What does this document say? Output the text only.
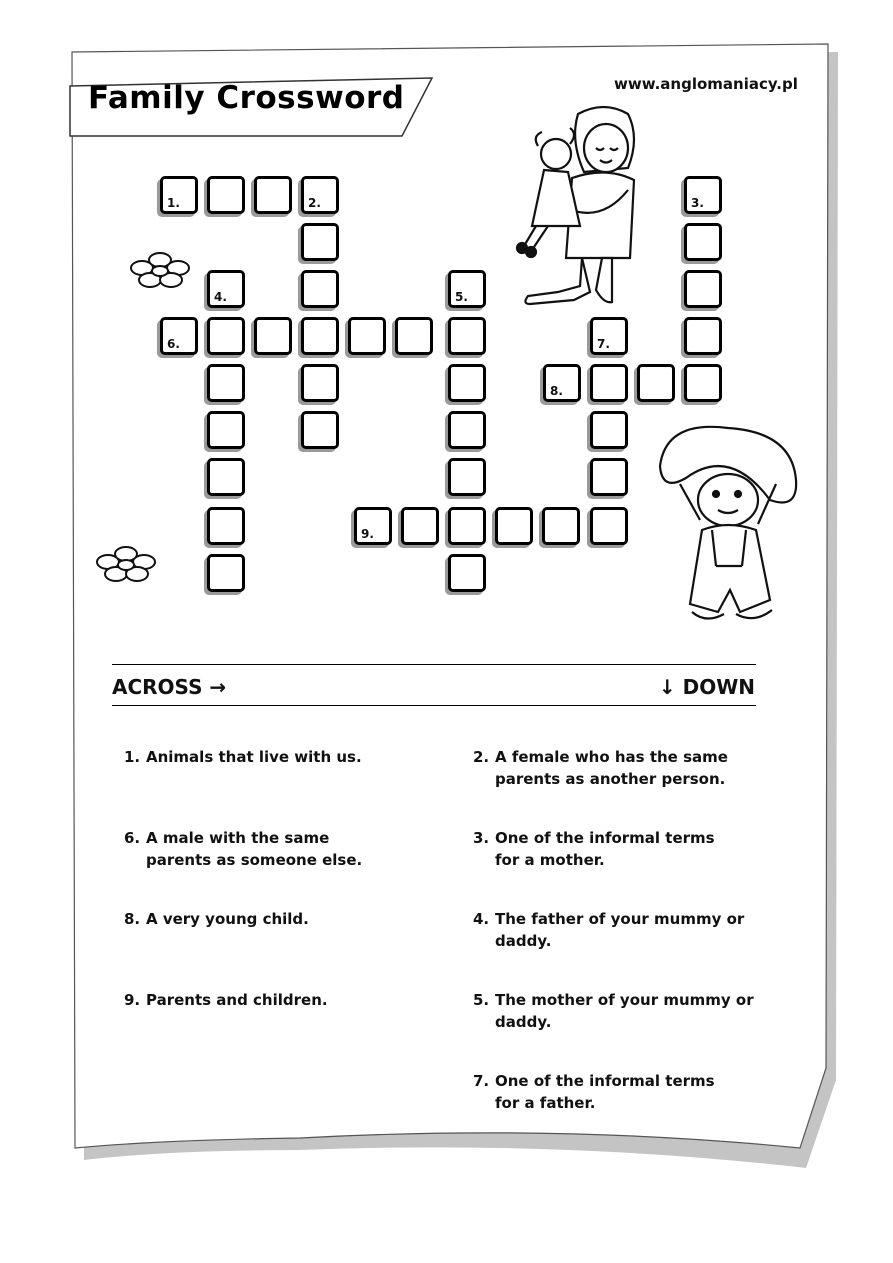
Family Crossword	www.anglomaniacy.pl
1.	2.	3.
4.	5.
6.	7.
8.
9.
ACROSS →	↓ DOWN
1. Animals that live with us.
6. A male with the same parents as someone else.
8. A very young child.
9. Parents and children.
2. A female who has the same parents as another person.
3. One of the informal terms for a mother.
4. The father of your mummy or daddy.
5. The mother of your mummy or daddy.
7. One of the informal terms for a father.
